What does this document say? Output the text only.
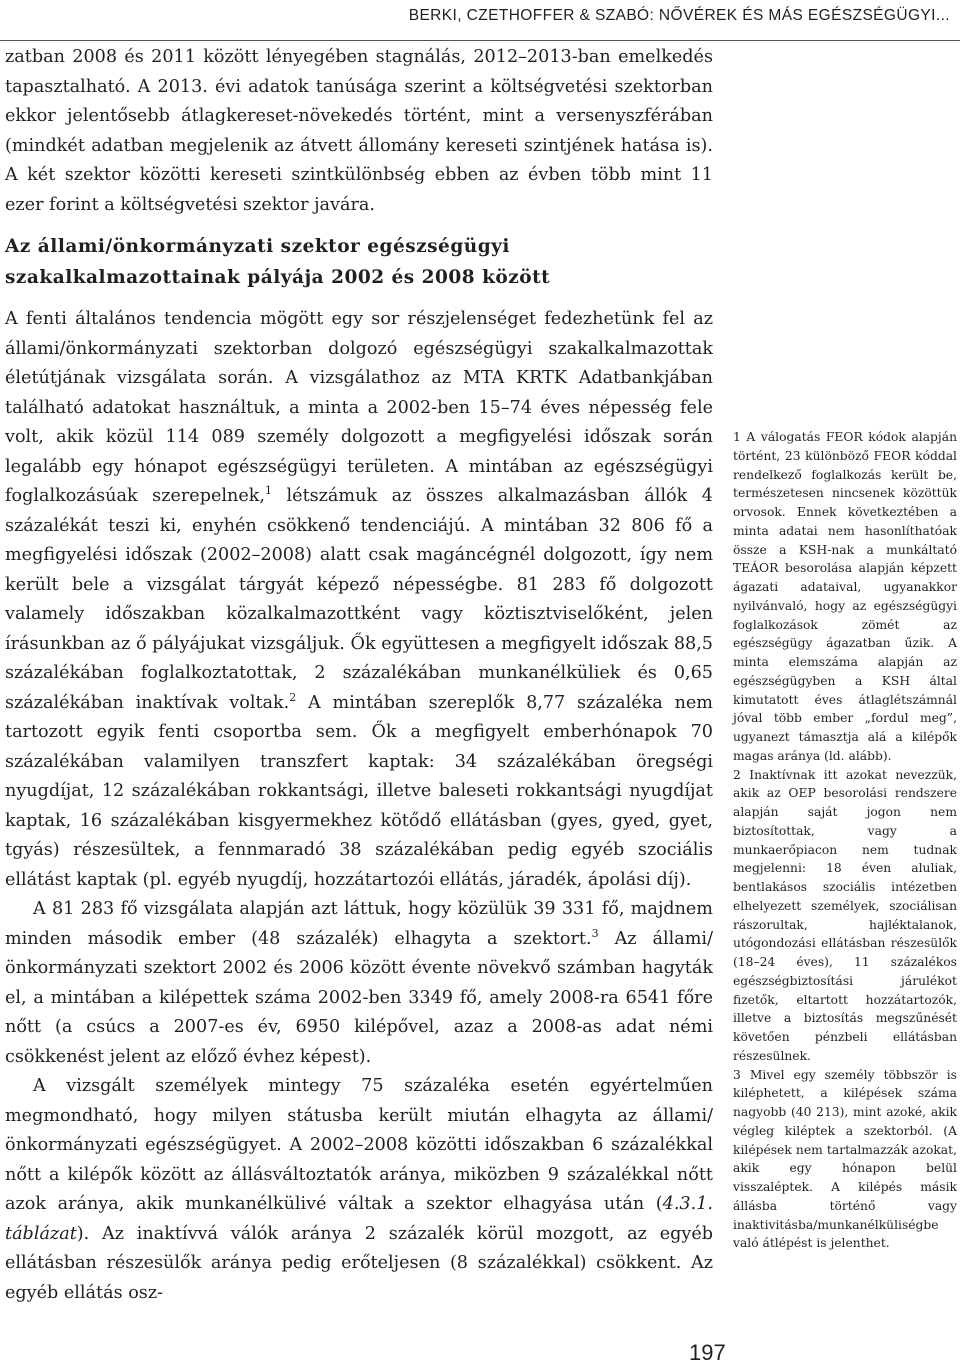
BERKI, CZETHOFFER & SZABÓ: NŐVÉREK ÉS MÁS EGÉSZSÉGÜGYI...

zatban 2008 és 2011 között lényegében stagnálás, 2012–2013-ban emelkedés tapasztalható. A 2013. évi adatok tanúsága szerint a költségvetési szektorban ekkor jelentősebb átlagkereset-növekedés történt, mint a versenyszférában (mindkét adatban megjelenik az átvett állomány kereseti szintjének hatása is). A két szektor közötti kereseti szintkülönbség ebben az évben több mint 11 ezer forint a költségvetési szektor javára.

Az állami/önkormányzati szektor egészségügyi szakalkalmazottainak pályája 2002 és 2008 között

A fenti általános tendencia mögött egy sor részjelenséget fedezhetünk fel az állami/önkormányzati szektorban dolgozó egészségügyi szakalkalmazottak életútjának vizsgálata során. A vizsgálathoz az MTA KRTK Adatbankjában található adatokat használtuk, a minta a 2002-ben 15–74 éves népesség fele volt, akik közül 114 089 személy dolgozott a megfigyelési időszak során legalább egy hónapot egészségügyi területen. A mintában az egészségügyi foglalkozásúak szerepelnek,$^1$ létszámuk az összes alkalmazásban állók 4 százalékát teszi ki, enyhén csökkenő tendenciájú. A mintában 32 806 fő a megfigyelési időszak (2002–2008) alatt csak magáncégnél dolgozott, így nem került bele a vizsgálat tárgyát képező népességbe. 81 283 fő dolgozott valamely időszakban közalkalmazottként vagy köztisztviselőként, jelen írásunkban az ő pályájukat vizsgáljuk. Ők együttesen a megfigyelt időszak 88,5 százalékában foglalkoztatottak, 2 százalékában munkanélküliek és 0,65 százalékában inaktívak voltak.$^2$ A mintában szereplők 8,77 százaléka nem tartozott egyik fenti csoportba sem. Ők a megfigyelt emberhónapok 70 százalékában valamilyen transzfert kaptak: 34 százalékában öregségi nyugdíjat, 12 százalékában rokkantsági, illetve baleseti rokkantsági nyugdíjat kaptak, 16 százalékában kisgyermekhez kötődő ellátásban (gyes, gyed, gyet, tgyás) részesültek, a fennmaradó 38 százalékában pedig egyéb szociális ellátást kaptak (pl. egyéb nyugdíj, hozzátartozói ellátás, járadék, ápolási díj).

A 81 283 fő vizsgálata alapján azt láttuk, hogy közülük 39 331 fő, majdnem minden második ember (48 százalék) elhagyta a szektort.$^3$ Az állami/önkormányzati szektort 2002 és 2006 között évente növekvő számban hagyták el, a mintában a kilépettek száma 2002-ben 3349 fő, amely 2008-ra 6541 főre nőtt (a csúcs a 2007-es év, 6950 kilépővel, azaz a 2008-as adat némi csökkenést jelent az előző évhez képest).

A vizsgált személyek mintegy 75 százaléka esetén egyértelműen megmondható, hogy milyen státusba került miután elhagyta az állami/önkormányzati egészségügyet. A 2002–2008 közötti időszakban 6 százalékkal nőtt a kilépők között az állásváltoztatók aránya, miközben 9 százalékkal nőtt azok aránya, akik munkanélkülivé váltak a szektor elhagyása után (4.3.1. táblázat). Az inaktívvá válók aránya 2 százalék körül mozgott, az egyéb ellátásban részesülők aránya pedig erőteljesen (8 százalékkal) csökkent. Az egyéb ellátás osz-

1 A válogatás FEOR kódok alapján történt, 23 különböző FEOR kóddal rendelkező foglalkozás került be, természetesen nincsenek közöttük orvosok. Ennek következtében a minta adatai nem hasonlíthatóak össze a KSH-nak a munkáltató TEÁOR besorolása alapján képzett ágazati adataival, ugyanakkor nyilvánvaló, hogy az egészségügyi foglalkozások zömét az egészségügy ágazatban űzik. A minta elemszáma alapján az egészségügyben a KSH által kimutatott éves átlaglétszámnál jóval több ember „fordul meg”, ugyanezt támasztja alá a kilépők magas aránya (ld. alább).

2 Inaktívnak itt azokat nevezzük, akik az OEP besorolási rendszere alapján saját jogon nem biztosítottak, vagy a munkaerőpiacon nem tudnak megjelenni: 18 éven aluliak, bentlakásos szociális intézetben elhelyezett személyek, szociálisan rászorultak, hajléktalanok, utógondozási ellátásban részesülők (18–24 éves), 11 százalékos egészségbiztosítási járulékot fizetők, eltartott hozzátartozók, illetve a biztosítás megszűnését követően pénzbeli ellátásban részesülnek.

3 Mivel egy személy többször is kiléphetett, a kilépések száma nagyobb (40 213), mint azoké, akik végleg kiléptek a szektorból. (A kilépések nem tartalmazzák azokat, akik egy hónapon belül visszaléptek. A kilépés másik állásba történő vagy inaktivitásba/munkanélküliségbe való átlépést is jelenthet.

197
